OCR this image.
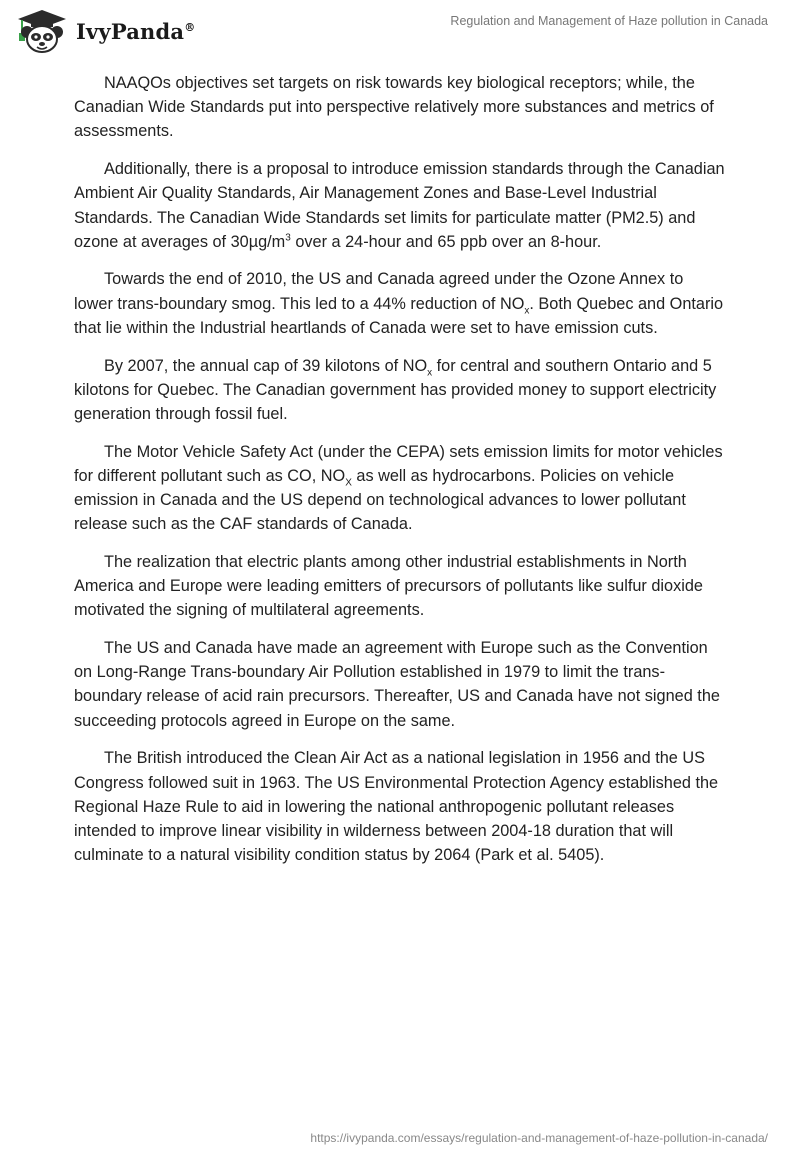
IvyPanda®	Regulation and Management of Haze pollution in Canada

NAAQOs objectives set targets on risk towards key biological receptors; while, the Canadian Wide Standards put into perspective relatively more substances and metrics of assessments.

Additionally, there is a proposal to introduce emission standards through the Canadian Ambient Air Quality Standards, Air Management Zones and Base-Level Industrial Standards. The Canadian Wide Standards set limits for particulate matter (PM2.5) and ozone at averages of $30\mu g/m^3$ over a 24-hour and 65 ppb over an 8-hour.

Towards the end of 2010, the US and Canada agreed under the Ozone Annex to lower trans-boundary smog. This led to a 44% reduction of $NO_x$. Both Quebec and Ontario that lie within the Industrial heartlands of Canada were set to have emission cuts.

By 2007, the annual cap of 39 kilotons of $NO_x$ for central and southern Ontario and 5 kilotons for Quebec. The Canadian government has provided money to support electricity generation through fossil fuel.

The Motor Vehicle Safety Act (under the CEPA) sets emission limits for motor vehicles for different pollutant such as CO, $NO_X$ as well as hydrocarbons. Policies on vehicle emission in Canada and the US depend on technological advances to lower pollutant release such as the CAF standards of Canada.

The realization that electric plants among other industrial establishments in North America and Europe were leading emitters of precursors of pollutants like sulfur dioxide motivated the signing of multilateral agreements.

The US and Canada have made an agreement with Europe such as the Convention on Long-Range Trans-boundary Air Pollution established in 1979 to limit the trans-boundary release of acid rain precursors. Thereafter, US and Canada have not signed the succeeding protocols agreed in Europe on the same.

The British introduced the Clean Air Act as a national legislation in 1956 and the US Congress followed suit in 1963. The US Environmental Protection Agency established the Regional Haze Rule to aid in lowering the national anthropogenic pollutant releases intended to improve linear visibility in wilderness between 2004-18 duration that will culminate to a natural visibility condition status by 2064 (Park et al. 5405).

https://ivypanda.com/essays/regulation-and-management-of-haze-pollution-in-canada/
